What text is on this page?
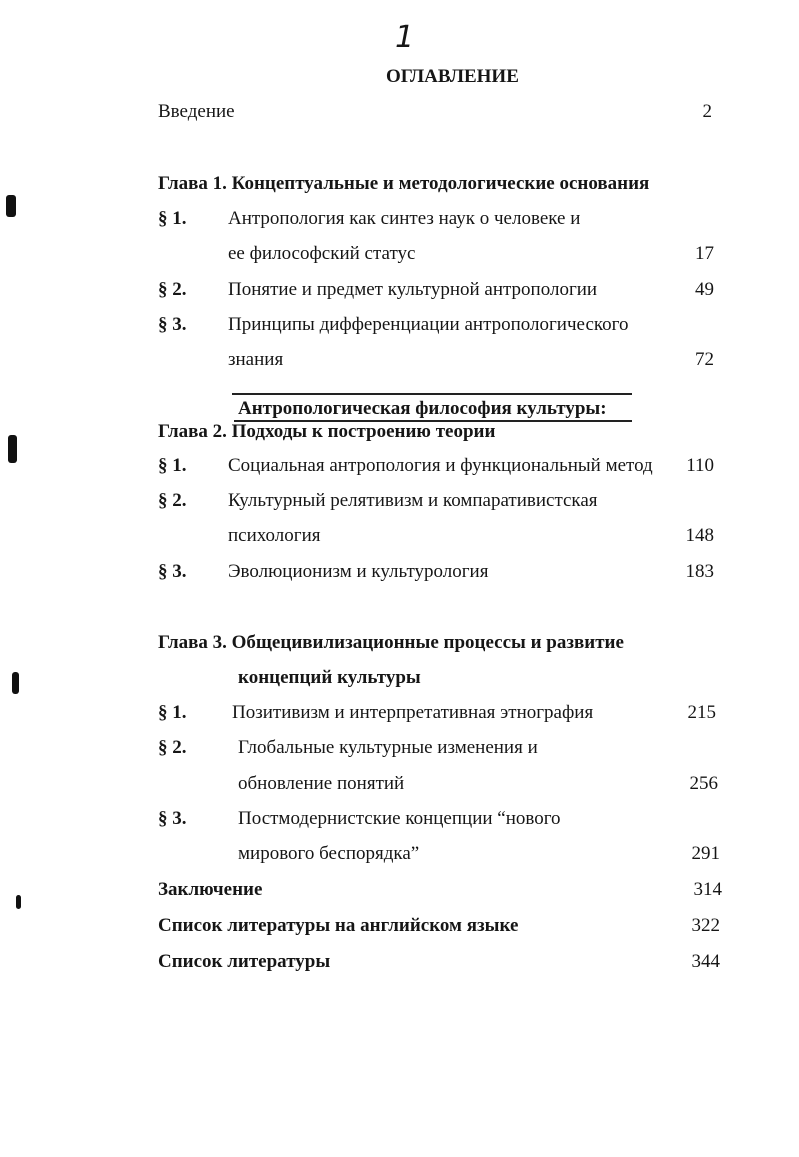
1
ОГЛАВЛЕНИЕ
Введение	2
Глава 1. Концептуальные и методологические основания
§ 1. Антропология как синтез наук о человеке и
ее философский статус	17
§ 2. Понятие и предмет культурной антропологии	49
§ 3. Принципы дифференциации антропологического
знания	72
Антропологическая философия культуры:
Глава 2. Подходы к построению теории
§ 1. Социальная антропология и функциональный метод	110
§ 2. Культурный релятивизм и компаративистская
психология	148
§ 3. Эволюционизм и культурология	183
Глава 3. Общецивилизационные процессы и развитие
концепций культуры
§ 1. Позитивизм и интерпретативная этнография	215
§ 2.	Глобальные культурные изменения и
обновление понятий	256
§ 3.	Постмодернистские концепции “нового
мирового беспорядка”	291
Заключение	314
Список литературы на английском языке	322
Список литературы	344
